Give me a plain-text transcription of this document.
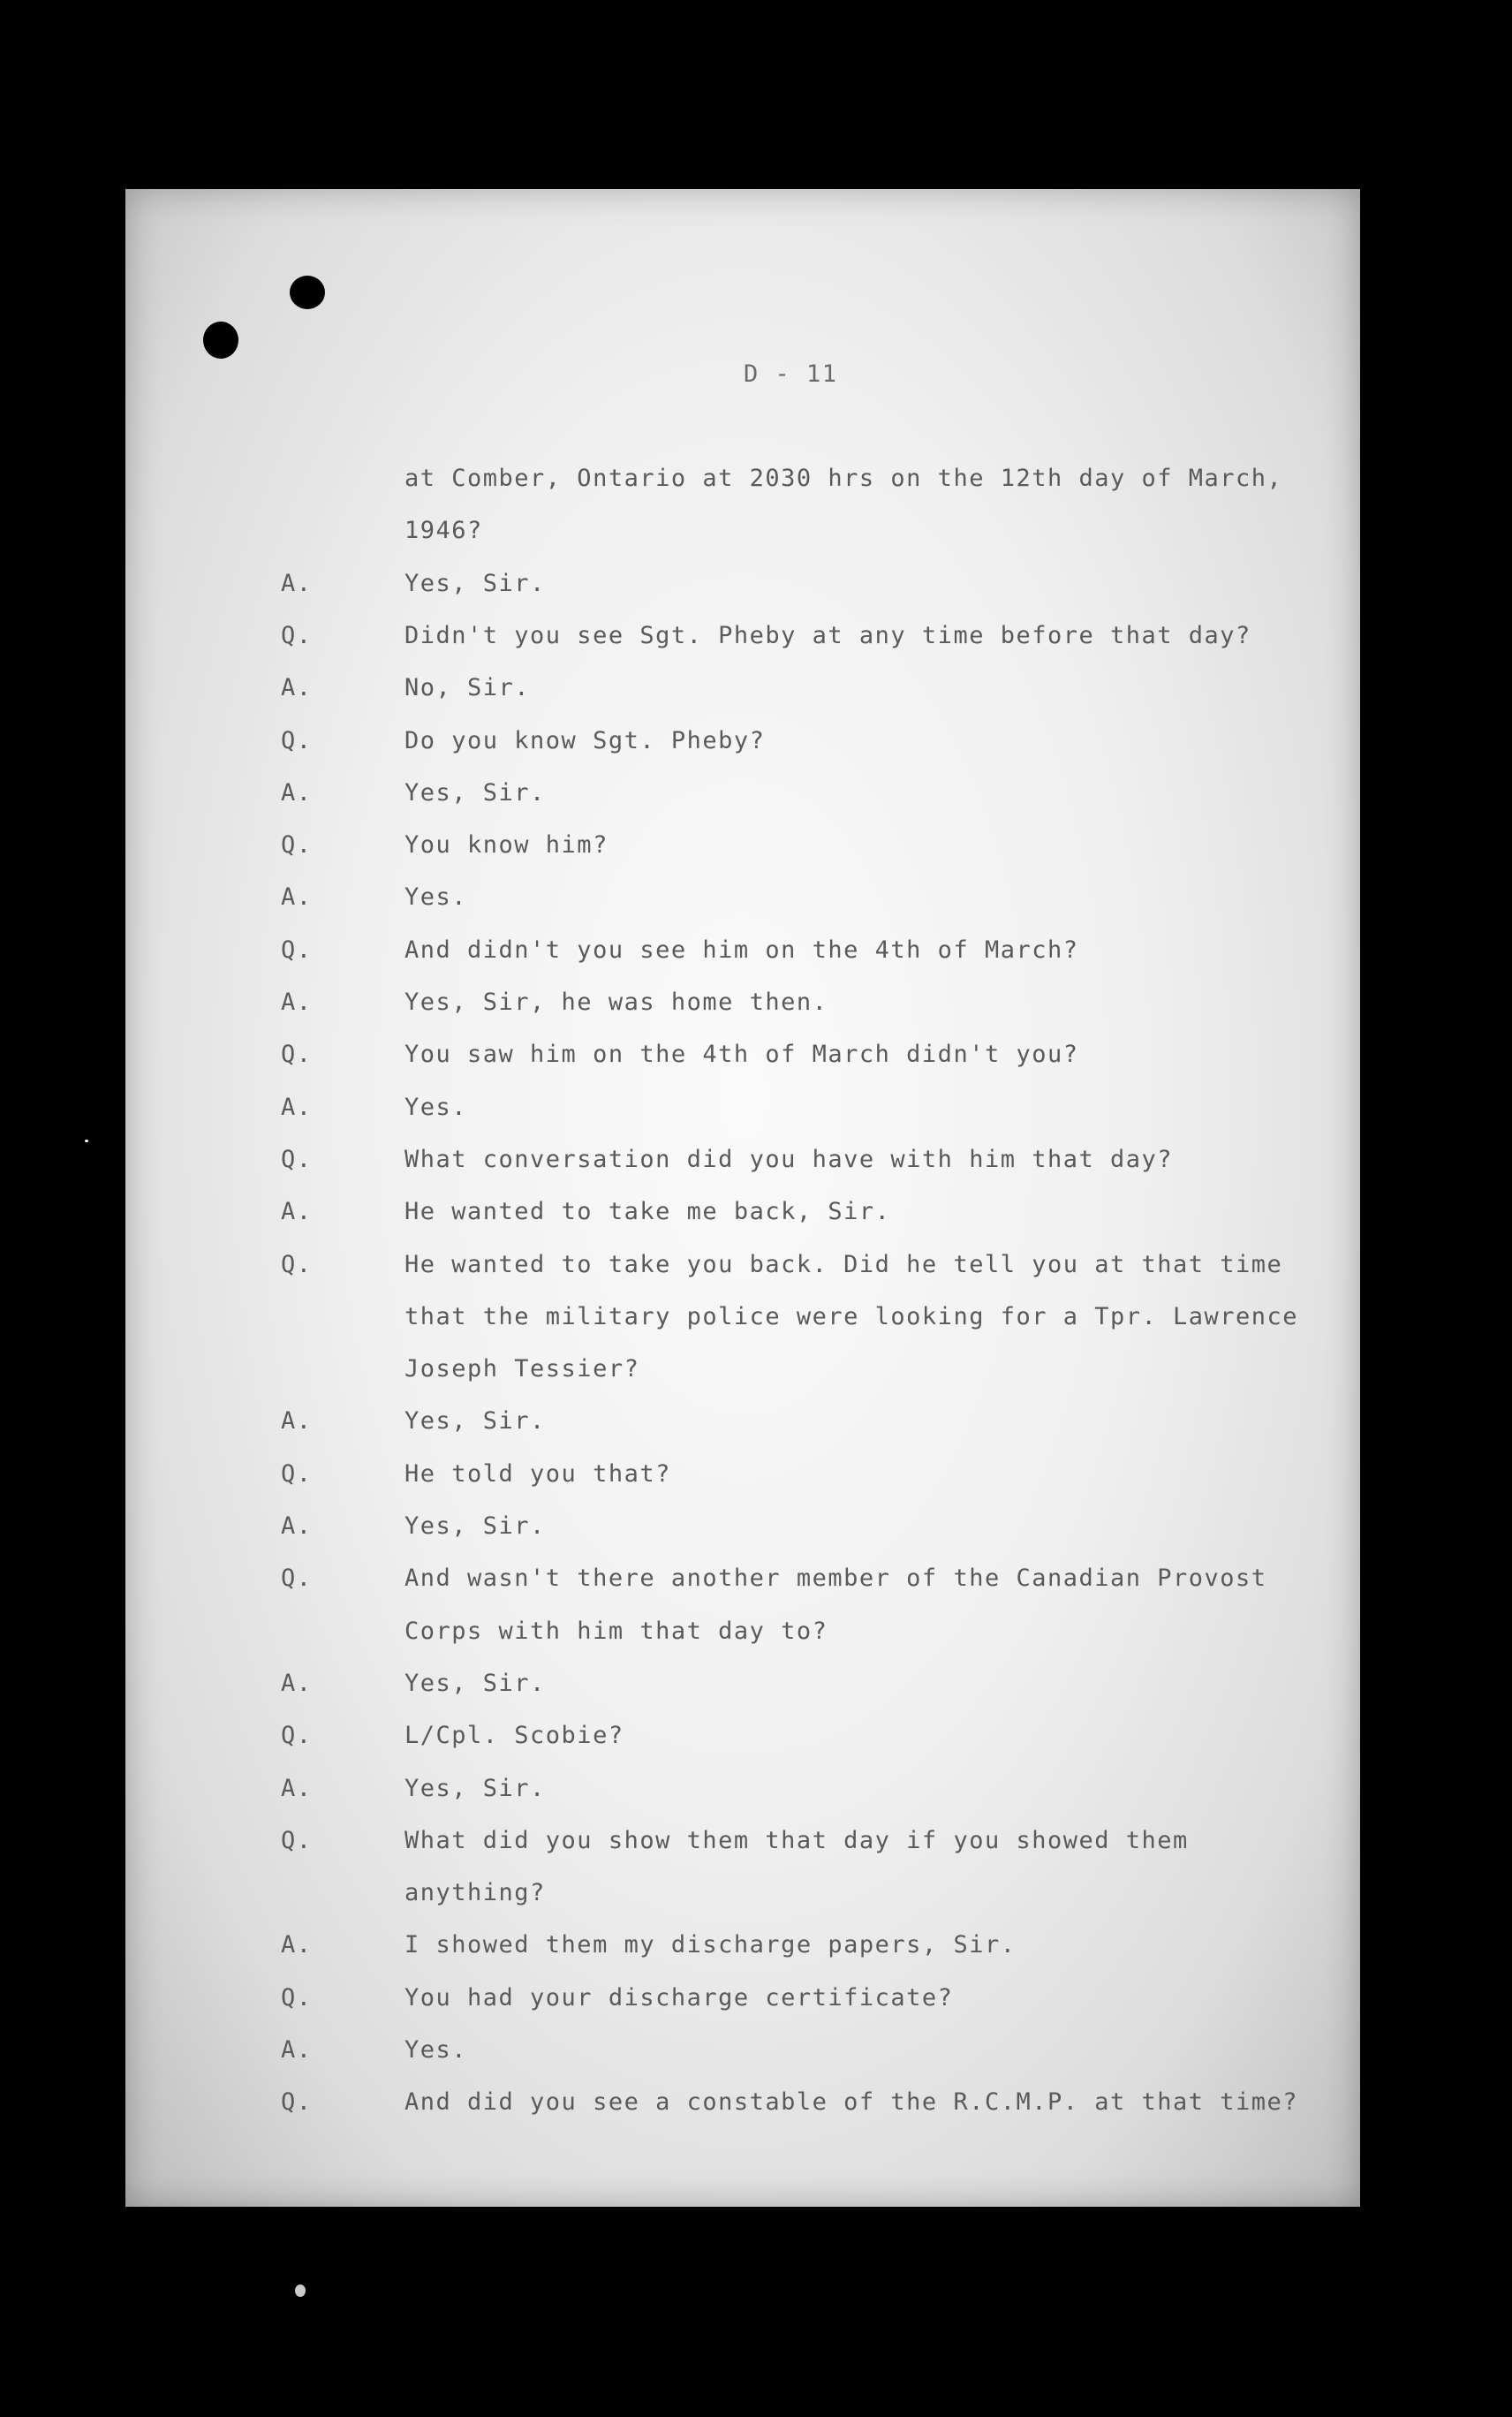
D - 11

at Comber, Ontario at 2030 hrs on the 12th day of March,

1946?

A.	Yes, Sir.

Q.	Didn't you see Sgt. Pheby at any time before that day?

A.	No, Sir.

Q.	Do you know Sgt. Pheby?

A.	Yes, Sir.

Q.	You know him?

A.	Yes.

Q.	And didn't you see him on the 4th of March?

A.	Yes, Sir, he was home then.

Q.	You saw him on the 4th of March didn't you?

A.	Yes.

Q.	What conversation did you have with him that day?

A.	He wanted to take me back, Sir.

Q.	He wanted to take you back. Did he tell you at that time

that the military police were looking for a Tpr. Lawrence

Joseph Tessier?

A.	Yes, Sir.

Q.	He told you that?

A.	Yes, Sir.

Q.	And wasn't there another member of the Canadian Provost

Corps with him that day to?

A.	Yes, Sir.

Q.	L/Cpl. Scobie?

A.	Yes, Sir.

Q.	What did you show them that day if you showed them

anything?

A.	I showed them my discharge papers, Sir.

Q.	You had your discharge certificate?

A.	Yes.

Q.	And did you see a constable of the R.C.M.P. at that time?
